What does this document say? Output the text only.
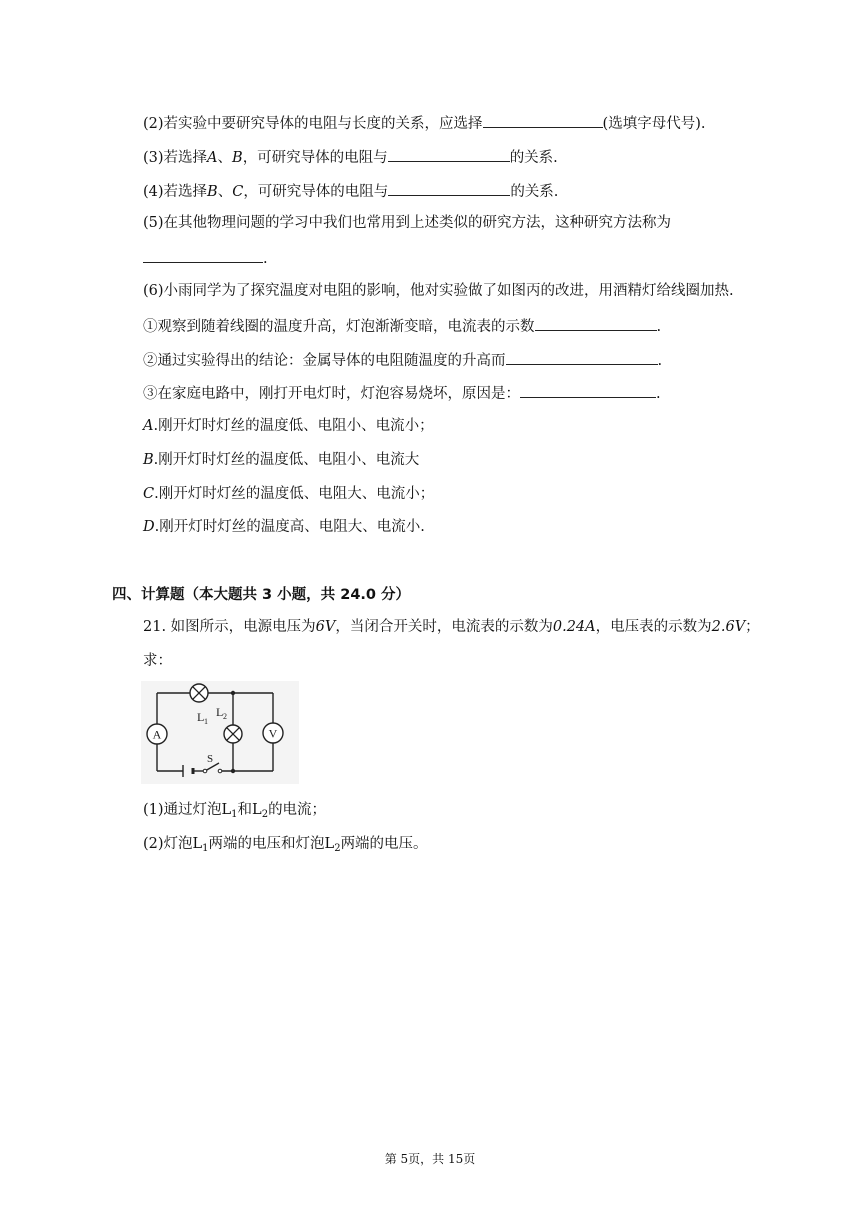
(2)若实验中要研究导体的电阻与长度的关系，应选择	(选填字母代号).
(3)若选择A、B，可研究导体的电阻与	的关系.
(4)若选择B、C，可研究导体的电阻与	的关系.
(5)在其他物理问题的学习中我们也常用到上述类似的研究方法，这种研究方法称为
.
(6)小雨同学为了探究温度对电阻的影响，他对实验做了如图丙的改进，用酒精灯给线圈加热.
①观察到随着线圈的温度升高，灯泡渐渐变暗，电流表的示数	.
②通过实验得出的结论：金属导体的电阻随温度的升高而	.
③在家庭电路中，刚打开电灯时，灯泡容易烧坏，原因是：	.
A.刚开灯时灯丝的温度低、电阻小、电流小；
B.刚开灯时灯丝的温度低、电阻小、电流大
C.刚开灯时灯丝的温度低、电阻大、电流小；
D.刚开灯时灯丝的温度高、电阻大、电流小.
四、计算题（本大题共 3 小题，共 24.0 分）
21. 如图所示，电源电压为6V，当闭合开关时，电流表的示数为0.24A，电压表的示数为2.6V；
求：
A	V
L 1
L 2
S
(1)通过灯泡$L_1$和$L_2$的电流；
(2)灯泡$L_1$两端的电压和灯泡$L_2$两端的电压。
第 5页，共 15页
